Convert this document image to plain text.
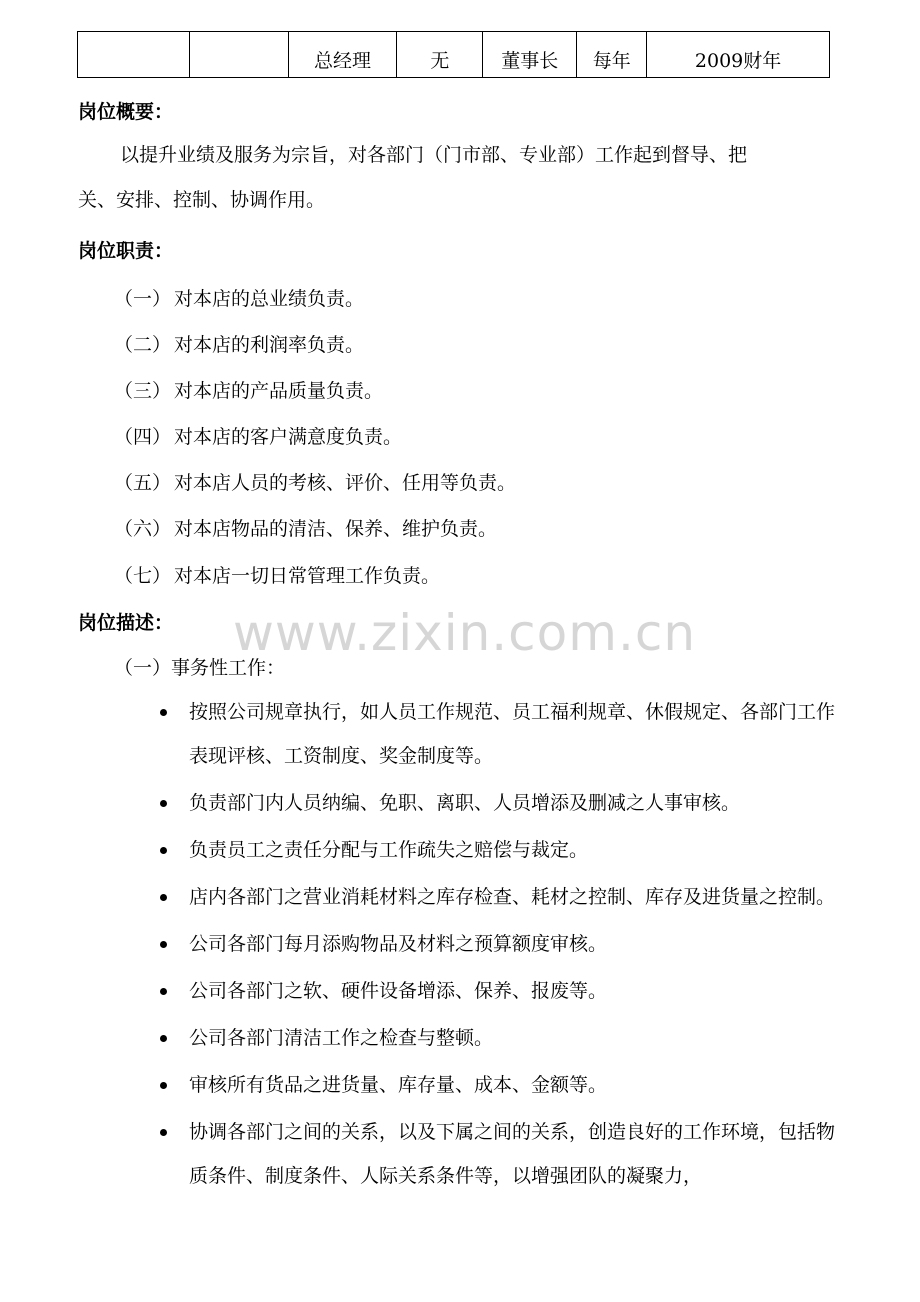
		总经理	无	董事长	每年	2009财年
岗位概要：
以提升业绩及服务为宗旨，对各部门（门市部、专业部）工作起到督导、把
关、安排、控制、协调作用。
岗位职责：
（一） 对本店的总业绩负责。
（二） 对本店的利润率负责。
（三） 对本店的产品质量负责。
（四） 对本店的客户满意度负责。
（五） 对本店人员的考核、评价、任用等负责。
（六） 对本店物品的清洁、保养、维护负责。
（七） 对本店一切日常管理工作负责。
www.zixin.com.cn
岗位描述：
（一）事务性工作：
按照公司规章执行，如人员工作规范、员工福利规章、休假规定、各部门工作表现评核、工资制度、奖金制度等。
负责部门内人员纳编、免职、离职、人员增添及删减之人事审核。
负责员工之责任分配与工作疏失之赔偿与裁定。
店内各部门之营业消耗材料之库存检查、耗材之控制、库存及进货量之控制。
公司各部门每月添购物品及材料之预算额度审核。
公司各部门之软、硬件设备增添、保养、报废等。
公司各部门清洁工作之检查与整顿。
审核所有货品之进货量、库存量、成本、金额等。
协调各部门之间的关系，以及下属之间的关系，创造良好的工作环境，包括物质条件、制度条件、人际关系条件等，以增强团队的凝聚力，
